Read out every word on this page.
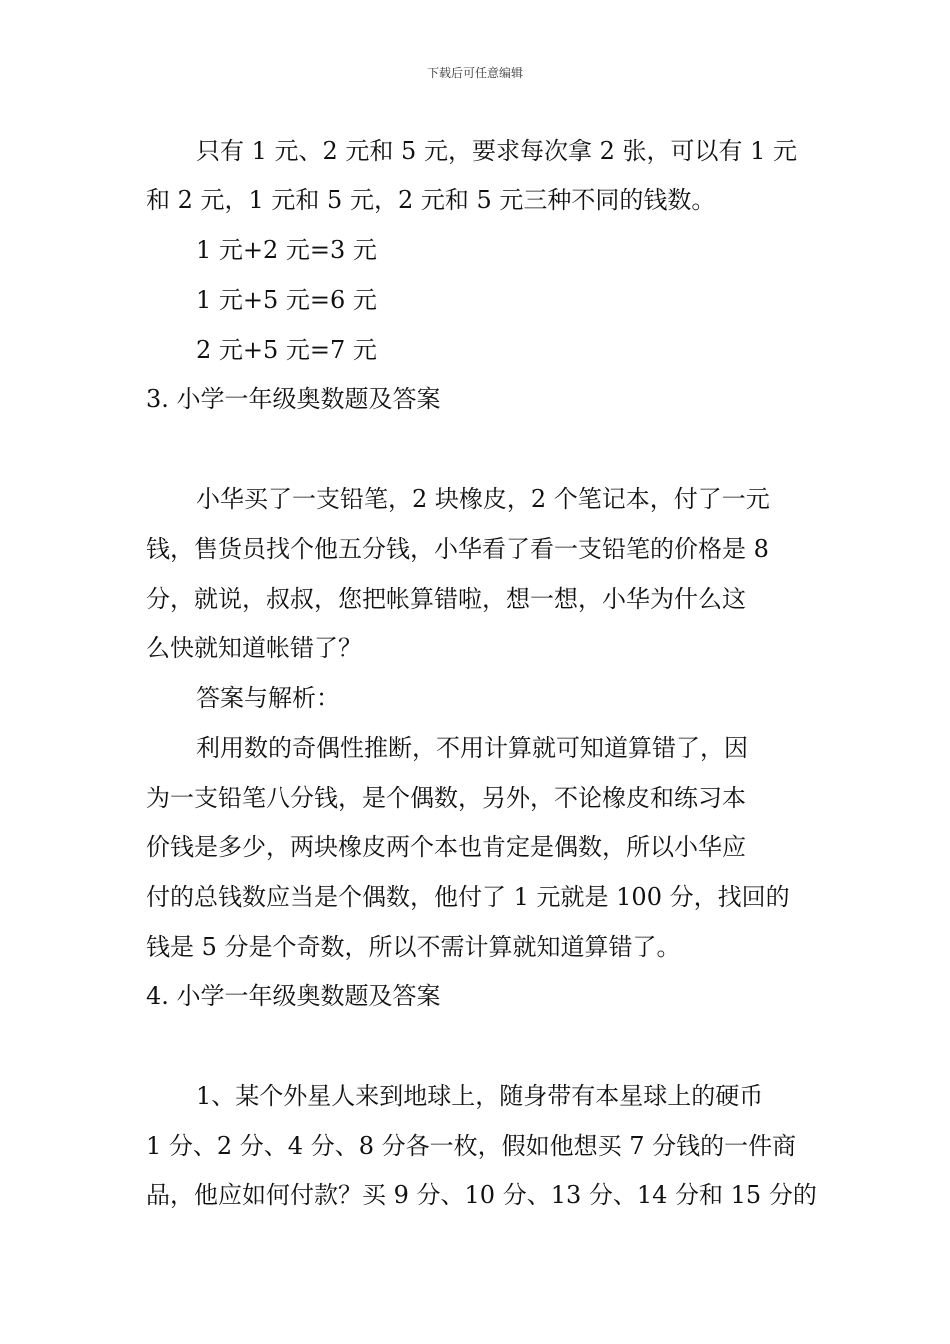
下载后可任意编辑
只有 1 元、2 元和 5 元，要求每次拿 2 张，可以有 1 元
和 2 元，1 元和 5 元，2 元和 5 元三种不同的钱数。
1 元+2 元=3 元
1 元+5 元=6 元
2 元+5 元=7 元
3. 小学一年级奥数题及答案
小华买了一支铅笔，2 块橡皮，2 个笔记本，付了一元
钱，售货员找个他五分钱，小华看了看一支铅笔的价格是 8
分，就说，叔叔，您把帐算错啦，想一想，小华为什么这
么快就知道帐错了？
答案与解析：
利用数的奇偶性推断，不用计算就可知道算错了，因
为一支铅笔八分钱，是个偶数，另外，不论橡皮和练习本
价钱是多少，两块橡皮两个本也肯定是偶数，所以小华应
付的总钱数应当是个偶数，他付了 1 元就是 100 分，找回的
钱是 5 分是个奇数，所以不需计算就知道算错了。
4. 小学一年级奥数题及答案
1、某个外星人来到地球上，随身带有本星球上的硬币
1 分、2 分、4 分、8 分各一枚，假如他想买 7 分钱的一件商
品，他应如何付款？买 9 分、10 分、13 分、14 分和 15 分的
